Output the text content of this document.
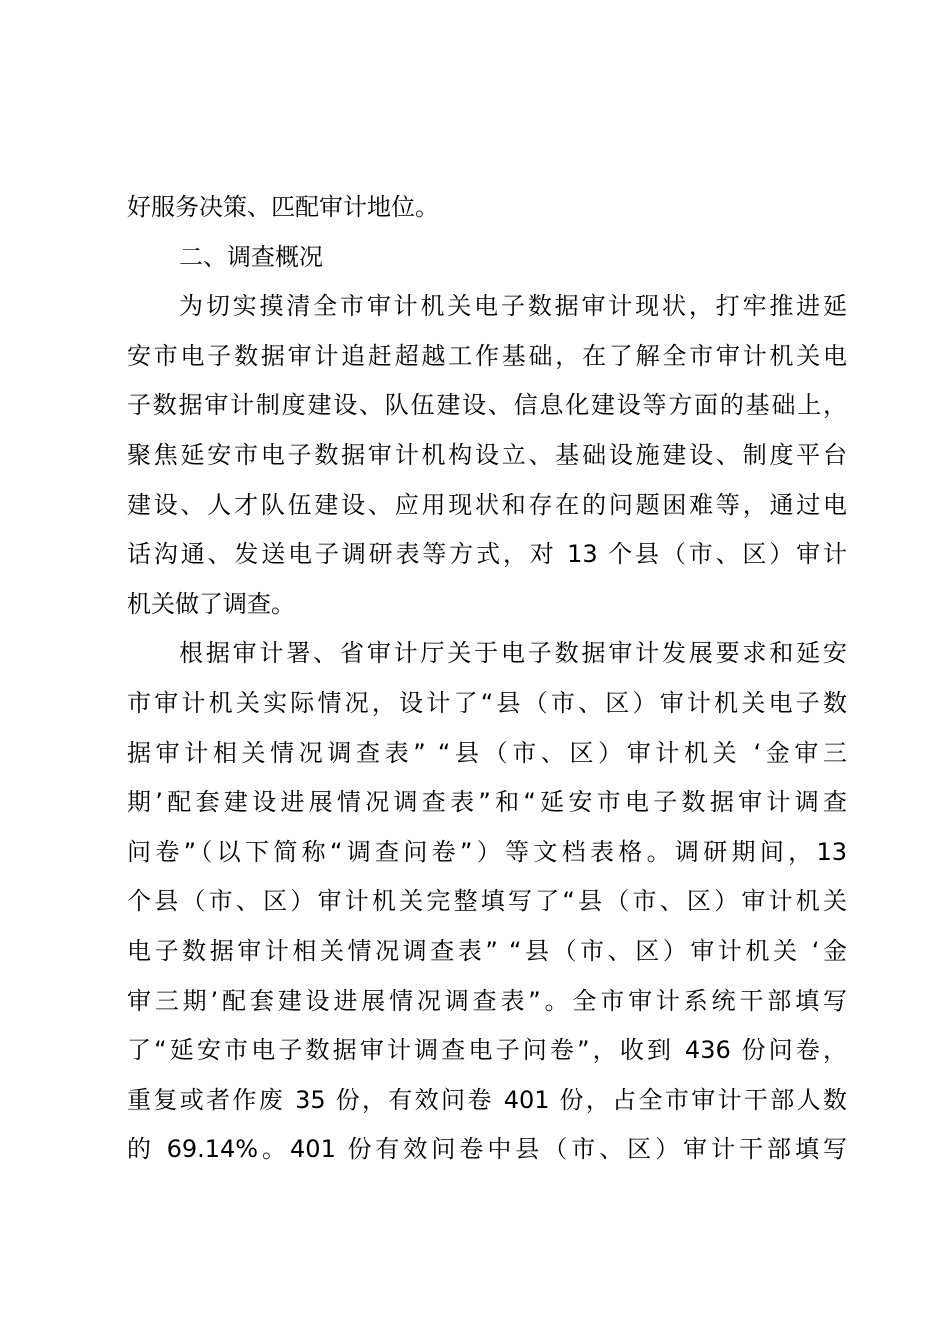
好服务决策、匹配审计地位。
二、调查概况
为切实摸清全市审计机关电子数据审计现状，打牢推进延
安市电子数据审计追赶超越工作基础，在了解全市审计机关电
子数据审计制度建设、队伍建设、信息化建设等方面的基础上，
聚焦延安市电子数据审计机构设立、基础设施建设、制度平台
建设、人才队伍建设、应用现状和存在的问题困难等，通过电
话沟通、发送电子调研表等方式，对 13 个县（市、区）审计
机关做了调查。
根据审计署、省审计厅关于电子数据审计发展要求和延安
市审计机关实际情况，设计了“县（市、区）审计机关电子数
据审计相关情况调查表” “县（市、区）审计机关 ‘金审三
期’配套建设进展情况调查表”和“延安市电子数据审计调查
问卷”（以下简称“调查问卷”）等文档表格。调研期间，13
个县（市、区）审计机关完整填写了“县（市、区）审计机关
电子数据审计相关情况调查表” “县（市、区）审计机关 ‘金
审三期’配套建设进展情况调查表”。全市审计系统干部填写
了“延安市电子数据审计调查电子问卷”，收到 436 份问卷，
重复或者作废 35 份，有效问卷 401 份，占全市审计干部人数
的 69.14%。401 份有效问卷中县（市、区）审计干部填写
